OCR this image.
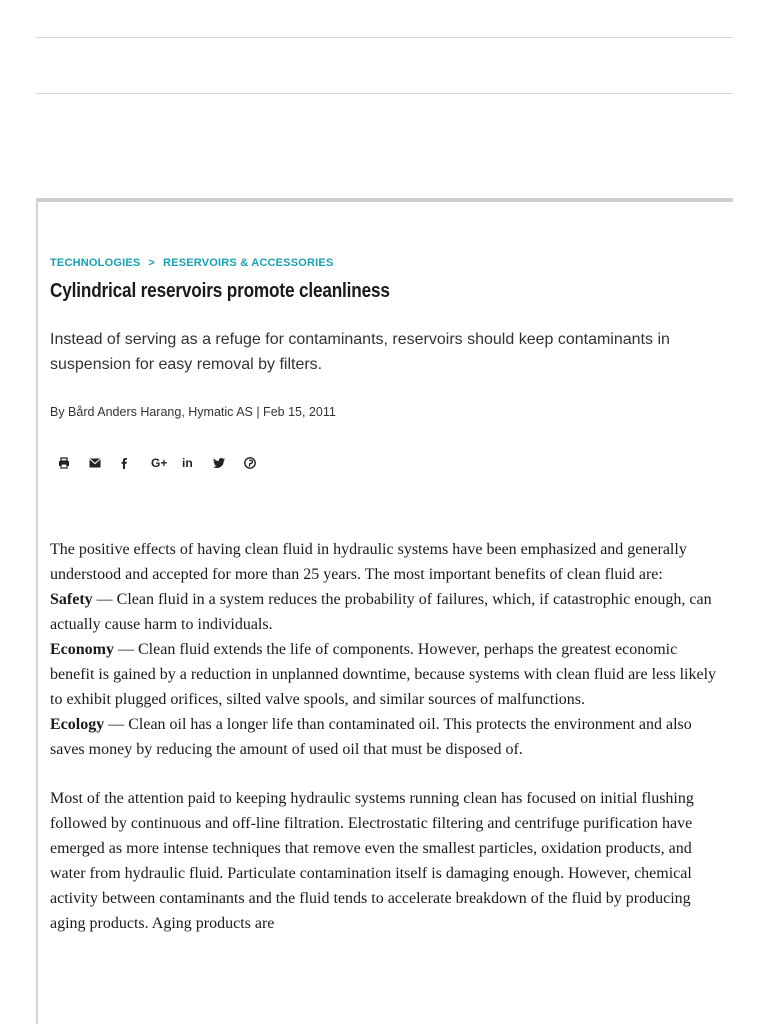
TECHNOLOGIES > RESERVOIRS & ACCESSORIES
Cylindrical reservoirs promote cleanliness

Instead of serving as a refuge for contaminants, reservoirs should keep contaminants in suspension for easy removal by filters.

By Bård Anders Harang, Hymatic AS | Feb 15, 2011
G+ in

The positive effects of having clean fluid in hydraulic systems have been emphasized and generally understood and accepted for more than 25 years. The most important benefits of clean fluid are:
Safety — Clean fluid in a system reduces the probability of failures, which, if catastrophic enough, can actually cause harm to individuals.
Economy — Clean fluid extends the life of components. However, perhaps the greatest economic benefit is gained by a reduction in unplanned downtime, because systems with clean fluid are less likely to exhibit plugged orifices, silted valve spools, and similar sources of malfunctions.
Ecology — Clean oil has a longer life than contaminated oil. This protects the environment and also saves money by reducing the amount of used oil that must be disposed of.

Most of the attention paid to keeping hydraulic systems running clean has focused on initial flushing followed by continuous and off-line filtration. Electrostatic filtering and centrifuge purification have emerged as more intense techniques that remove even the smallest particles, oxidation products, and water from hydraulic fluid. Particulate contamination itself is damaging enough. However, chemical activity between contaminants and the fluid tends to accelerate breakdown of the fluid by producing aging products. Aging products are
